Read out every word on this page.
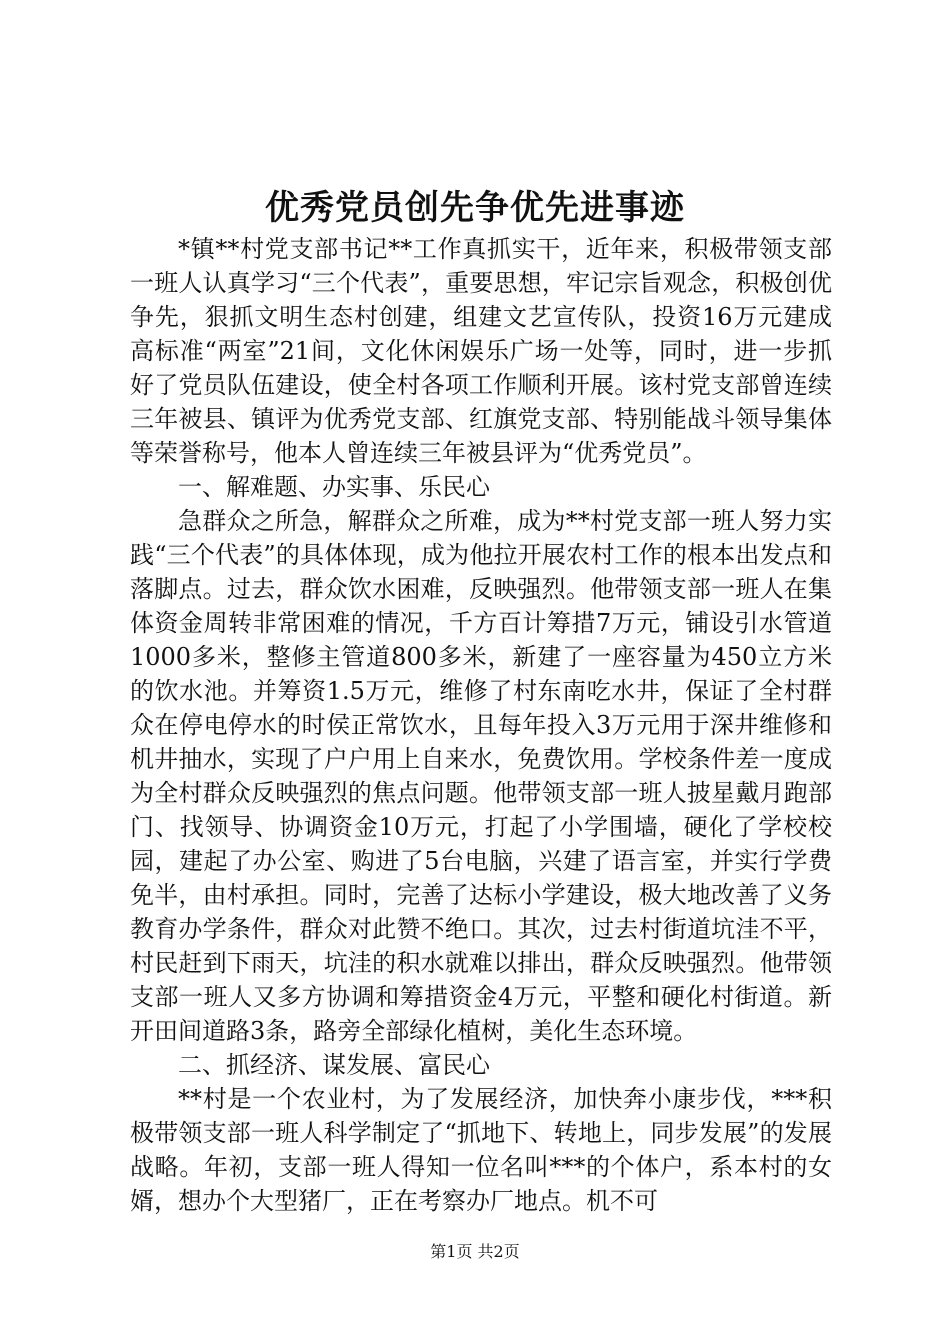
优秀党员创先争优先进事迹

*镇**村党支部书记**工作真抓实干，近年来，积极带领支部一班人认真学习“三个代表”，重要思想，牢记宗旨观念，积极创优争先，狠抓文明生态村创建，组建文艺宣传队，投资16万元建成高标准“两室”21间，文化休闲娱乐广场一处等，同时，进一步抓好了党员队伍建设，使全村各项工作顺利开展。该村党支部曾连续三年被县、镇评为优秀党支部、红旗党支部、特别能战斗领导集体等荣誉称号，他本人曾连续三年被县评为“优秀党员”。

一、解难题、办实事、乐民心

急群众之所急，解群众之所难，成为**村党支部一班人努力实践“三个代表”的具体体现，成为他拉开展农村工作的根本出发点和落脚点。过去，群众饮水困难，反映强烈。他带领支部一班人在集体资金周转非常困难的情况，千方百计筹措7万元，铺设引水管道1000多米，整修主管道800多米，新建了一座容量为450立方米的饮水池。并筹资1.5万元，维修了村东南吃水井，保证了全村群众在停电停水的时侯正常饮水，且每年投入3万元用于深井维修和机井抽水，实现了户户用上自来水，免费饮用。学校条件差一度成为全村群众反映强烈的焦点问题。他带领支部一班人披星戴月跑部门、找领导、协调资金10万元，打起了小学围墙，硬化了学校校园，建起了办公室、购进了5台电脑，兴建了语言室，并实行学费免半，由村承担。同时，完善了达标小学建设，极大地改善了义务教育办学条件，群众对此赞不绝口。其次，过去村街道坑洼不平，村民赶到下雨天，坑洼的积水就难以排出，群众反映强烈。他带领支部一班人又多方协调和筹措资金4万元，平整和硬化村街道。新开田间道路3条，路旁全部绿化植树，美化生态环境。

二、抓经济、谋发展、富民心

**村是一个农业村，为了发展经济，加快奔小康步伐，***积极带领支部一班人科学制定了“抓地下、转地上，同步发展”的发展战略。年初，支部一班人得知一位名叫***的个体户，系本村的女婿，想办个大型猪厂，正在考察办厂地点。机不可

第1页 共2页
